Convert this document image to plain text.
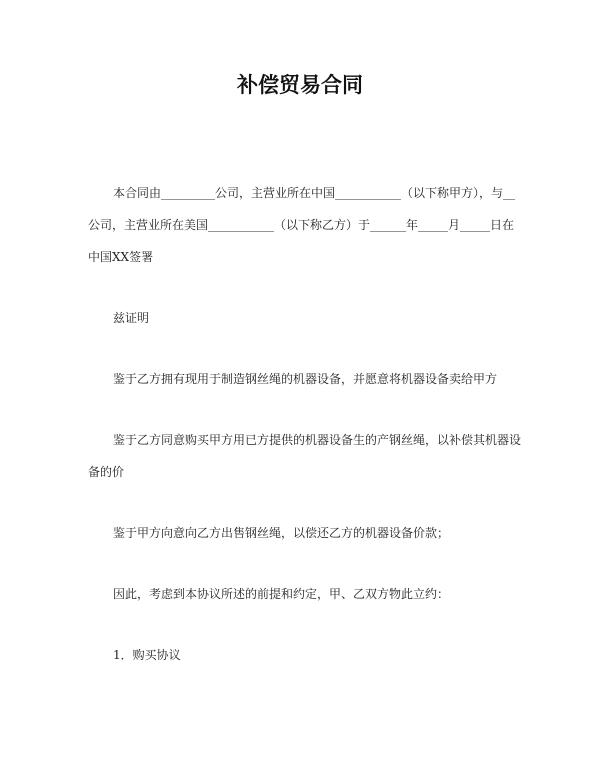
补偿贸易合同
本合同由_________公司，主营业所在中国___________（以下称甲方），与__
公司，主营业所在美国___________（以下称乙方）于______年_____月_____日在
中国XX签署
兹证明
鉴于乙方拥有现用于制造钢丝绳的机器设备，并愿意将机器设备卖给甲方
鉴于乙方同意购买甲方用已方提供的机器设备生的产钢丝绳，以补偿其机器设
备的价
鉴于甲方向意向乙方出售钢丝绳，以偿还乙方的机器设备价款；
因此，考虑到本协议所述的前提和约定，甲、乙双方物此立约：
1．购买协议
